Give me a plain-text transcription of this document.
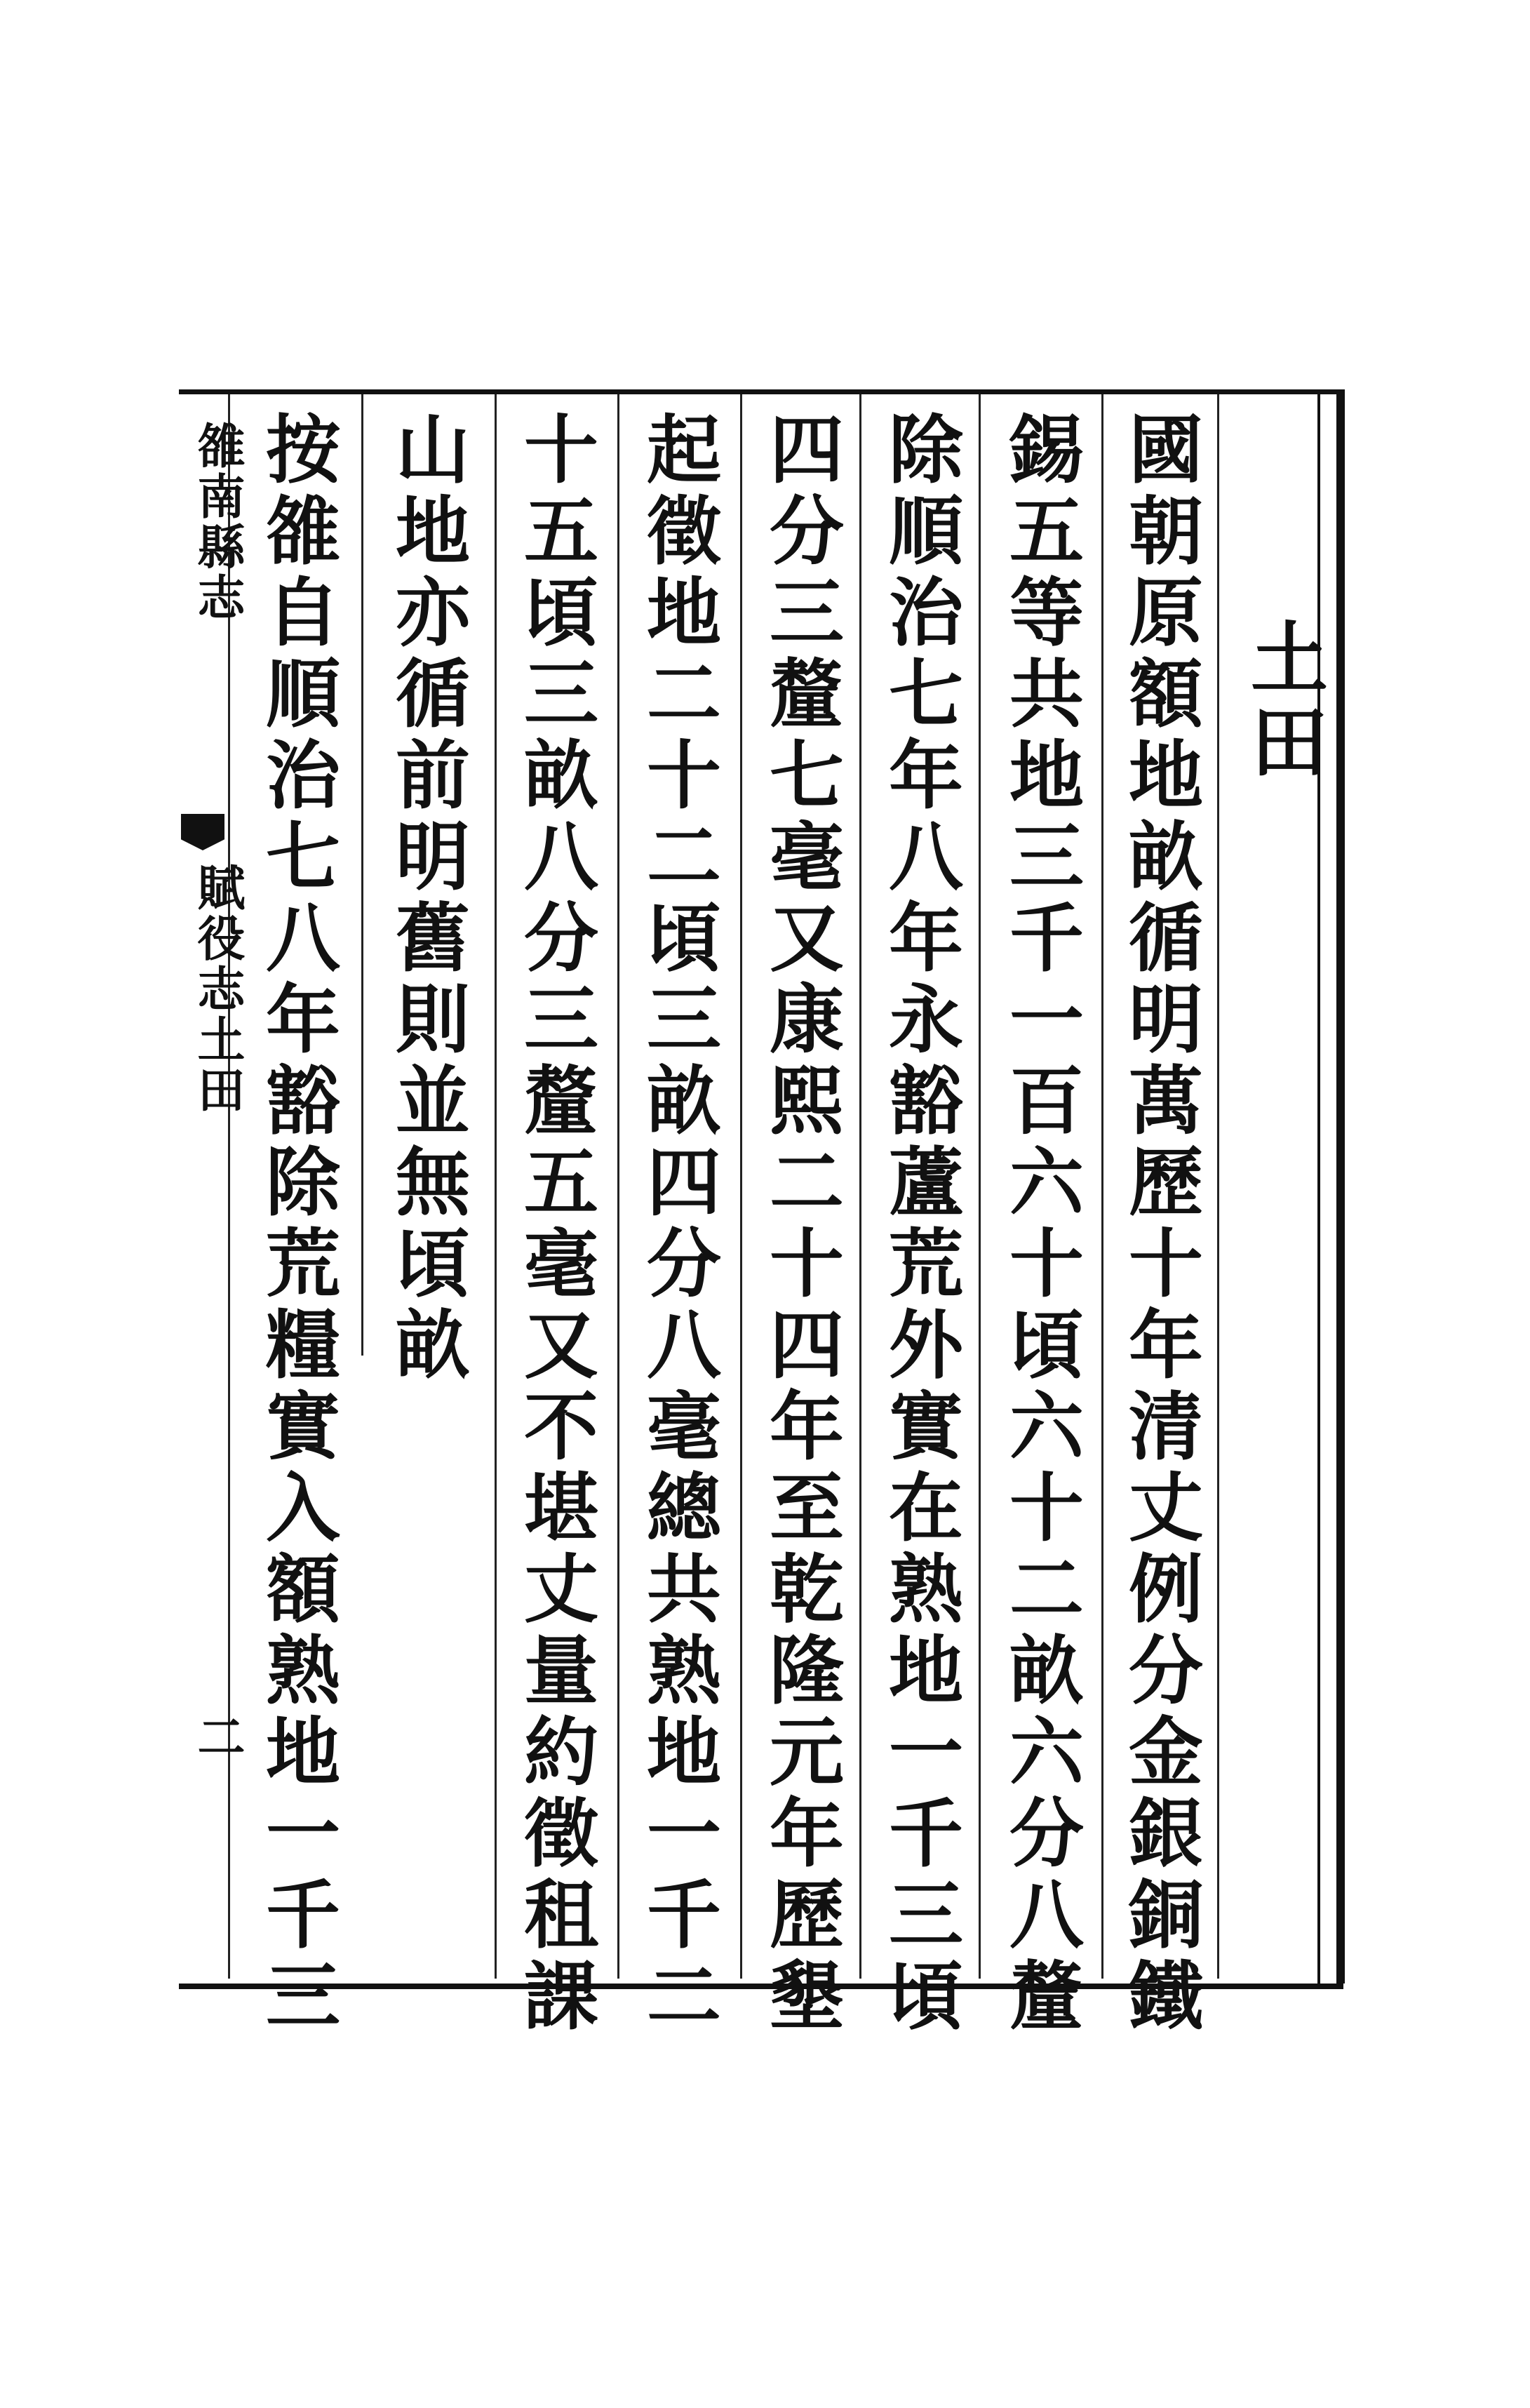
土田
國朝原額地畝循明萬歷十年清丈例分金銀銅鐵
錫五等共地三千一百六十頃六十二畝六分八釐
除順治七年八年永豁蘆荒外實在熟地一千三頃
四分三釐七毫又康熙二十四年至乾隆元年歷墾
起徵地二十二頃三畝四分八毫總共熟地一千二
十五頃三畝八分三釐五毫又不堪丈量約徵租課
山地亦循前明舊則並無頃畝
按雒自順治七八年豁除荒糧實入額熟地一千三
雒南縣志
賦役志土田
二
